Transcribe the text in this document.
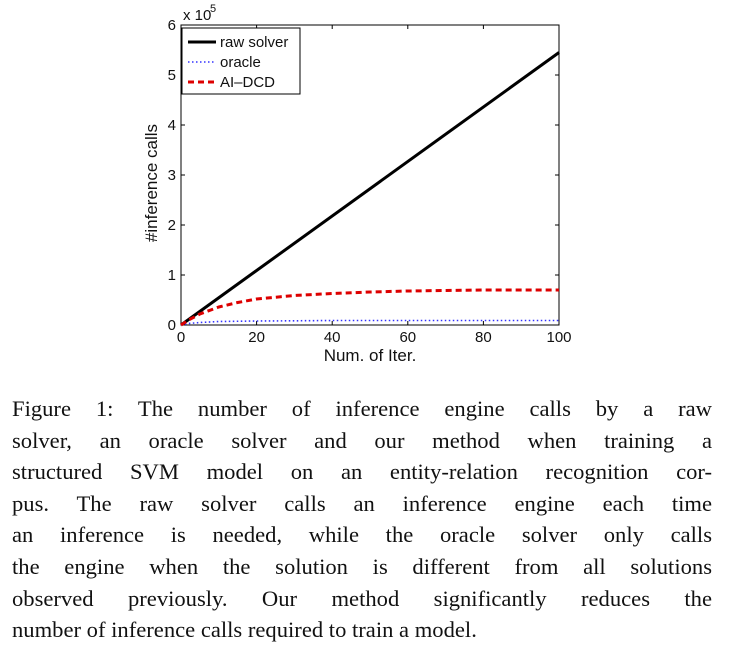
0	20	40	60	80	100
0
1
2
3
4
5
6
x 10
5
Num. of Iter.
#inference calls
raw solver
oracle
AI–DCD
Figure 1: The number of inference engine calls by a raw
solver, an oracle solver and our method when training a
structured SVM model on an entity-relation recognition cor-
pus. The raw solver calls an inference engine each time
an inference is needed, while the oracle solver only calls
the engine when the solution is different from all solutions
observed previously. Our method significantly reduces the
number of inference calls required to train a model.
